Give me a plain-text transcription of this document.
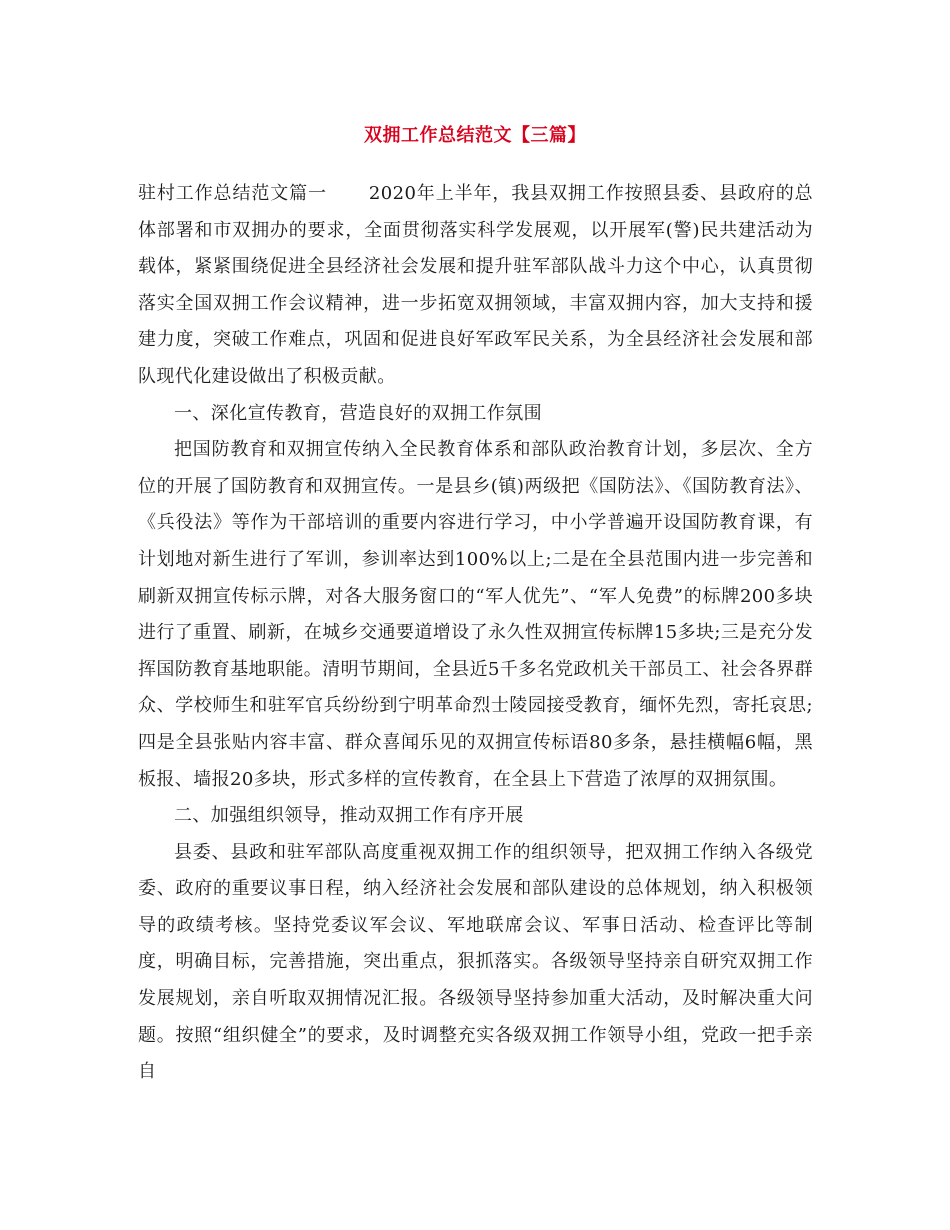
双拥工作总结范文【三篇】

驻村工作总结范文篇一 2020年上半年，我县双拥工作按照县委、县政府的总体部署和市双拥办的要求，全面贯彻落实科学发展观，以开展军(警)民共建活动为载体，紧紧围绕促进全县经济社会发展和提升驻军部队战斗力这个中心，认真贯彻落实全国双拥工作会议精神，进一步拓宽双拥领域，丰富双拥内容，加大支持和援建力度，突破工作难点，巩固和促进良好军政军民关系，为全县经济社会发展和部队现代化建设做出了积极贡献。

一、深化宣传教育，营造良好的双拥工作氛围

把国防教育和双拥宣传纳入全民教育体系和部队政治教育计划，多层次、全方位的开展了国防教育和双拥宣传。一是县乡(镇)两级把《国防法》、《国防教育法》、《兵役法》等作为干部培训的重要内容进行学习，中小学普遍开设国防教育课，有计划地对新生进行了军训，参训率达到100%以上;二是在全县范围内进一步完善和刷新双拥宣传标示牌，对各大服务窗口的“军人优先”、“军人免费”的标牌200多块进行了重置、刷新，在城乡交通要道增设了永久性双拥宣传标牌15多块;三是充分发挥国防教育基地职能。清明节期间，全县近5千多名党政机关干部员工、社会各界群众、学校师生和驻军官兵纷纷到宁明革命烈士陵园接受教育，缅怀先烈，寄托哀思;四是全县张贴内容丰富、群众喜闻乐见的双拥宣传标语80多条，悬挂横幅6幅，黑板报、墙报20多块，形式多样的宣传教育，在全县上下营造了浓厚的双拥氛围。

二、加强组织领导，推动双拥工作有序开展

县委、县政和驻军部队高度重视双拥工作的组织领导，把双拥工作纳入各级党委、政府的重要议事日程，纳入经济社会发展和部队建设的总体规划，纳入积极领导的政绩考核。坚持党委议军会议、军地联席会议、军事日活动、检查评比等制度，明确目标，完善措施，突出重点，狠抓落实。各级领导坚持亲自研究双拥工作发展规划，亲自听取双拥情况汇报。各级领导坚持参加重大活动，及时解决重大问题。按照“组织健全”的要求，及时调整充实各级双拥工作领导小组，党政一把手亲自
